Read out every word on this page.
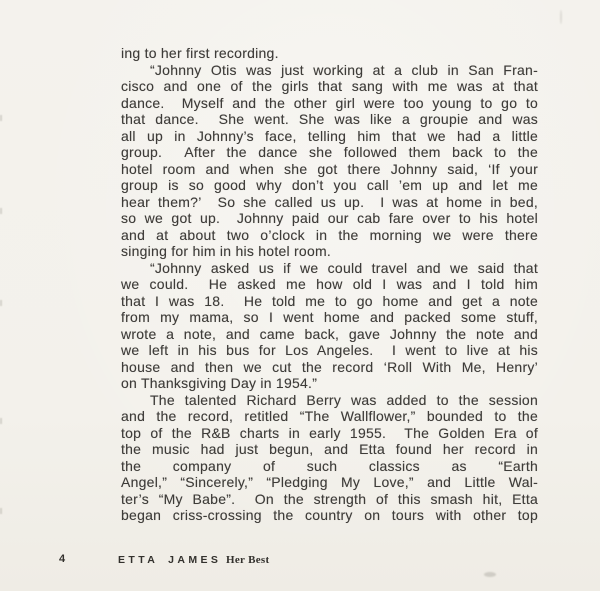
ing to her first recording.
“Johnny Otis was just working at a club in San Fran-
cisco and one of the girls that sang with me was at that
dance.  Myself and the other girl were too young to go to
that dance.  She went. She was like a groupie and was
all up in Johnny’s face, telling him that we had a little
group.  After the dance she followed them back to the
hotel room and when she got there Johnny said, ‘If your
group is so good why don’t you call ’em up and let me
hear them?’  So she called us up.  I was at home in bed,
so we got up.  Johnny paid our cab fare over to his hotel
and at about two o’clock in the morning we were there
singing for him in his hotel room.
“Johnny asked us if we could travel and we said that
we could.  He asked me how old I was and I told him
that I was 18.  He told me to go home and get a note
from my mama, so I went home and packed some stuff,
wrote a note, and came back, gave Johnny the note and
we left in his bus for Los Angeles.  I went to live at his
house and then we cut the record ‘Roll With Me, Henry’
on Thanksgiving Day in 1954.”
The talented Richard Berry was added to the session
and the record, retitled “The Wallflower,” bounded to the
top of the R&B charts in early 1955.  The Golden Era of
the music had just begun, and Etta found her record in
the company of such classics as “Earth
Angel,” “Sincerely,” “Pledging My Love,” and Little Wal-
ter’s “My Babe”.  On the strength of this smash hit, Etta
began criss-crossing the country on tours with other top
4	ETTA JAMES Her Best
